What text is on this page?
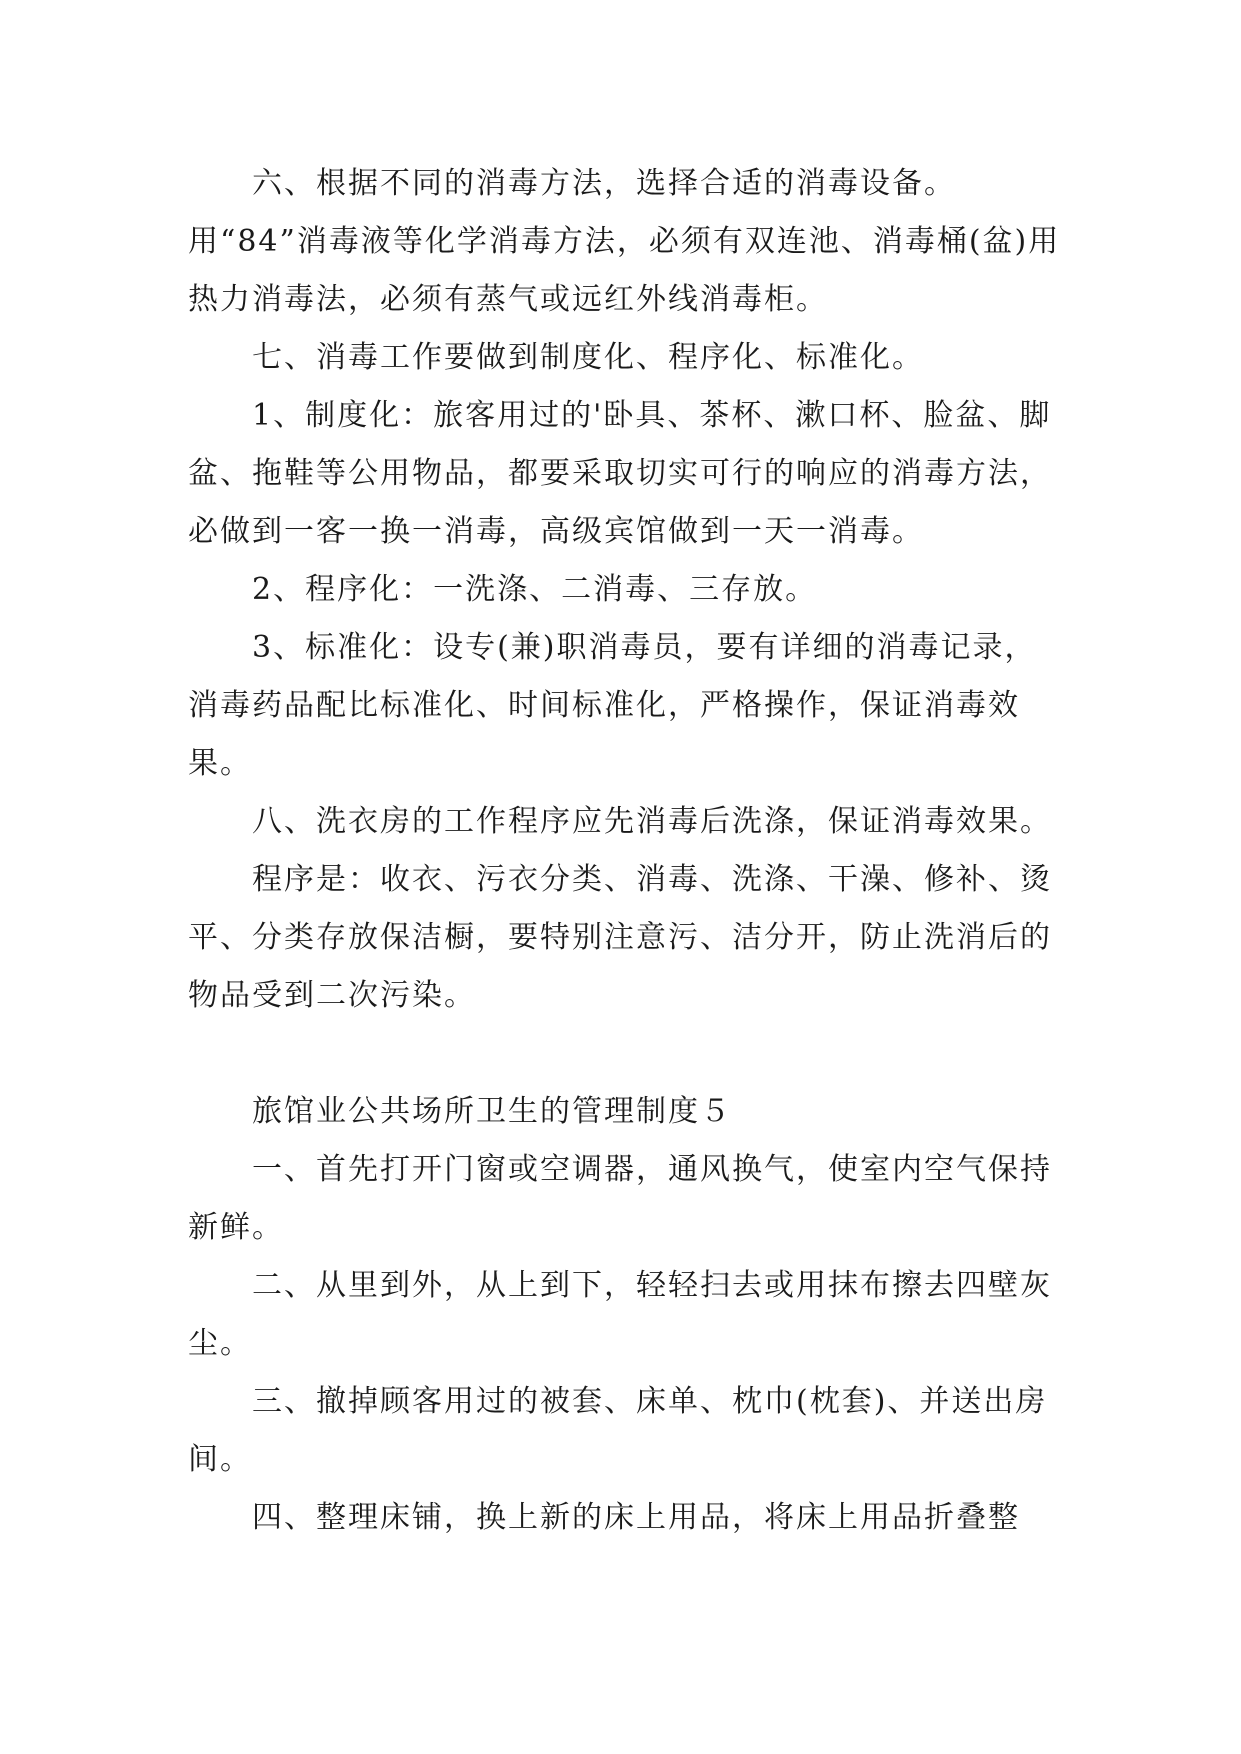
六、根据不同的消毒方法，选择合适的消毒设备。用“84”消毒液等化学消毒方法，必须有双连池、消毒桶(盆)用热力消毒法，必须有蒸气或远红外线消毒柜。

七、消毒工作要做到制度化、程序化、标准化。

1、制度化：旅客用过的'卧具、茶杯、漱口杯、脸盆、脚盆、拖鞋等公用物品，都要采取切实可行的响应的消毒方法，必做到一客一换一消毒，高级宾馆做到一天一消毒。

2、程序化：一洗涤、二消毒、三存放。

3、标准化：设专(兼)职消毒员，要有详细的消毒记录，消毒药品配比标准化、时间标准化，严格操作，保证消毒效果。

八、洗衣房的工作程序应先消毒后洗涤，保证消毒效果。

程序是：收衣、污衣分类、消毒、洗涤、干澡、修补、烫平、分类存放保洁橱，要特别注意污、洁分开，防止洗消后的物品受到二次污染。

旅馆业公共场所卫生的管理制度５

一、首先打开门窗或空调器，通风换气，使室内空气保持新鲜。

二、从里到外，从上到下，轻轻扫去或用抹布擦去四壁灰尘。

三、撤掉顾客用过的被套、床单、枕巾(枕套)、并送出房间。

四、整理床铺，换上新的床上用品，将床上用品折叠整
